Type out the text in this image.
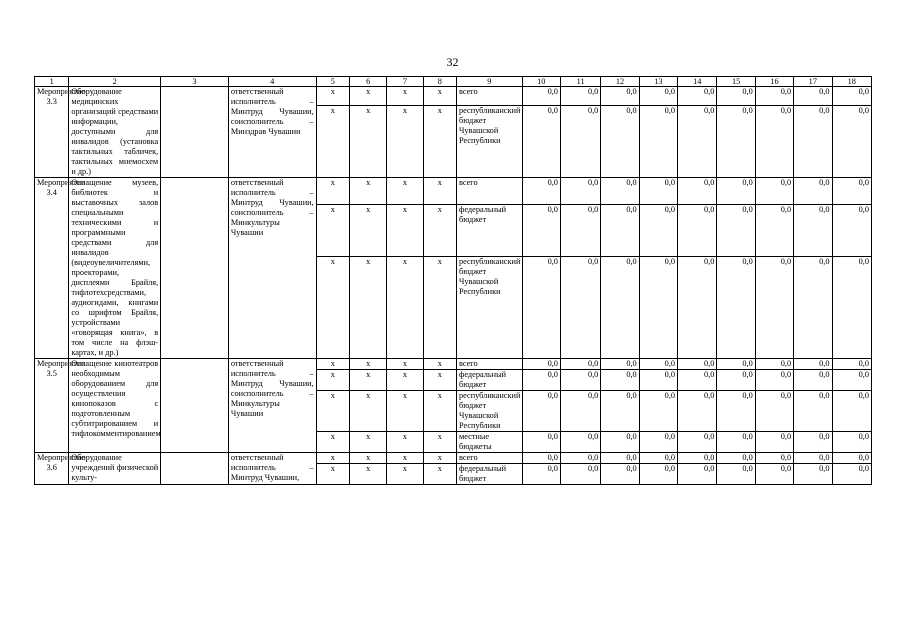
32
1	2	3	4	5	6	7	8	9	10	11	12	13	14	15	16	17	18
Мероприятие 3.3	Оборудование медицинских организаций средствами информации, доступными для инвалидов (установка тактильных табличек, тактильных мнемосхем и др.)		ответственный исполнитель – Минтруд Чувашии, соисполнитель – Минздрав Чувашии	x	x	x	x	всего	0,0	0,0	0,0	0,0	0,0	0,0	0,0	0,0	0,0
				x	x	x	x	республиканский бюджет Чувашской Республики	0,0	0,0	0,0	0,0	0,0	0,0	0,0	0,0	0,0
Мероприятие 3.4	Оснащение музеев, библиотек и выставочных залов специальными техническими и программными средствами для инвалидов (видеоувеличителями, проекторами, дисплеями Брайля, тифлотехсредствами, аудиогидами, книгами со шрифтом Брайля, устройствами «говорящая книга», в том числе на флэш-картах, и др.)		ответственный исполнитель – Минтруд Чувашии, соисполнитель – Минкультуры Чувашии	x	x	x	x	всего	0,0	0,0	0,0	0,0	0,0	0,0	0,0	0,0	0,0
				x	x	x	x	федеральный бюджет	0,0	0,0	0,0	0,0	0,0	0,0	0,0	0,0	0,0
				x	x	x	x	республиканский бюджет Чувашской Республики	0,0	0,0	0,0	0,0	0,0	0,0	0,0	0,0	0,0
Мероприятие 3.5	Оснащение кинотеатров необходимым оборудованием для осуществления кинопоказов с подготовленным субтитрированием и тифлокомментированием		ответственный исполнитель – Минтруд Чувашии, соисполнитель – Минкультуры Чувашии	x	x	x	x	всего	0,0	0,0	0,0	0,0	0,0	0,0	0,0	0,0	0,0
				x	x	x	x	федеральный бюджет	0,0	0,0	0,0	0,0	0,0	0,0	0,0	0,0	0,0
				x	x	x	x	республиканский бюджет Чувашской Республики	0,0	0,0	0,0	0,0	0,0	0,0	0,0	0,0	0,0
				x	x	x	x	местные бюджеты	0,0	0,0	0,0	0,0	0,0	0,0	0,0	0,0	0,0
Мероприятие 3.6	Оборудование учреждений физической культу-		ответственный исполнитель – Минтруд Чувашии,	x	x	x	x	всего	0,0	0,0	0,0	0,0	0,0	0,0	0,0	0,0	0,0
				x	x	x	x	федеральный бюджет	0,0	0,0	0,0	0,0	0,0	0,0	0,0	0,0	0,0
